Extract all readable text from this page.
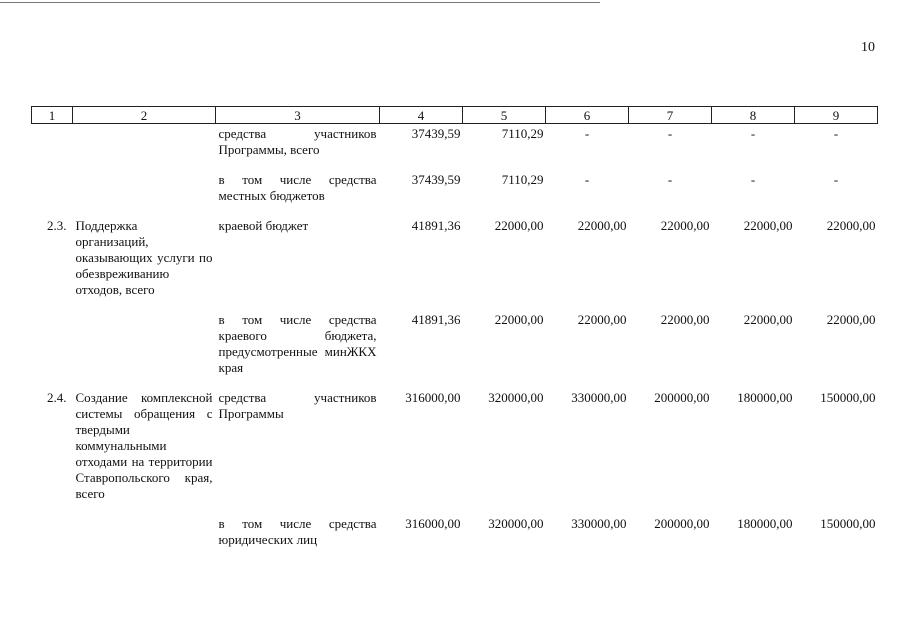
10
1	2	3	4	5	6	7	8	9
		средства участников Программы, всего	37439,59	7110,29	-	-	-	-

		в том числе средства местных бюджетов	37439,59	7110,29	-	-	-	-

2.3.	Поддержка организаций, оказывающих услуги по обезвреживанию отходов, всего	краевой бюджет	41891,36	22000,00	22000,00	22000,00	22000,00	22000,00

		в том числе средства краевого бюджета, предусмотренные минЖКХ края	41891,36	22000,00	22000,00	22000,00	22000,00	22000,00

2.4.	Создание комплексной системы обращения с твердыми коммунальными отходами на территории Ставропольского края, всего	средства участников Программы	316000,00	320000,00	330000,00	200000,00	180000,00	150000,00

		в том числе средства юридических лиц	316000,00	320000,00	330000,00	200000,00	180000,00	150000,00
